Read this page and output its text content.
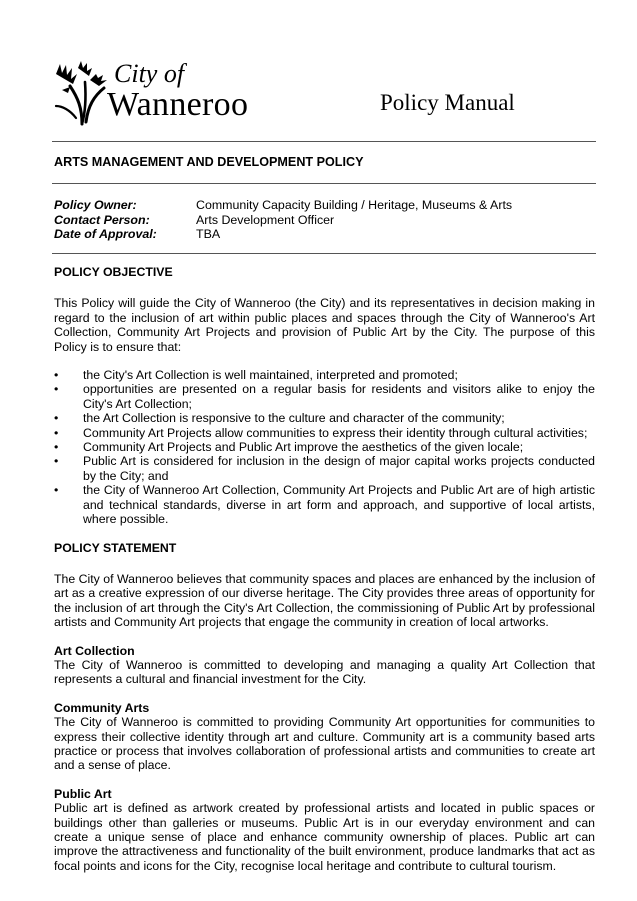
City of
Wanneroo	Policy Manual
ARTS MANAGEMENT AND DEVELOPMENT POLICY
Policy Owner:	Community Capacity Building / Heritage, Museums & Arts
Contact Person:	Arts Development Officer
Date of Approval:	TBA
POLICY OBJECTIVE

This Policy will guide the City of Wanneroo (the City) and its representatives in decision making in regard to the inclusion of art within public places and spaces through the City of Wanneroo's Art Collection, Community Art Projects and provision of Public Art by the City. The purpose of this Policy is to ensure that:

• the City's Art Collection is well maintained, interpreted and promoted;
• opportunities are presented on a regular basis for residents and visitors alike to enjoy the City's Art Collection;
• the Art Collection is responsive to the culture and character of the community;
• Community Art Projects allow communities to express their identity through cultural activities;
• Community Art Projects and Public Art improve the aesthetics of the given locale;
• Public Art is considered for inclusion in the design of major capital works projects conducted by the City; and
• the City of Wanneroo Art Collection, Community Art Projects and Public Art are of high artistic and technical standards, diverse in art form and approach, and supportive of local artists, where possible.
POLICY STATEMENT

The City of Wanneroo believes that community spaces and places are enhanced by the inclusion of art as a creative expression of our diverse heritage. The City provides three areas of opportunity for the inclusion of art through the City's Art Collection, the commissioning of Public Art by professional artists and Community Art projects that engage the community in creation of local artworks.

Art Collection

The City of Wanneroo is committed to developing and managing a quality Art Collection that represents a cultural and financial investment for the City.

Community Arts

The City of Wanneroo is committed to providing Community Art opportunities for communities to express their collective identity through art and culture. Community art is a community based arts practice or process that involves collaboration of professional artists and communities to create art and a sense of place.

Public Art

Public art is defined as artwork created by professional artists and located in public spaces or buildings other than galleries or museums. Public Art is in our everyday environment and can create a unique sense of place and enhance community ownership of places. Public art can improve the attractiveness and functionality of the built environment, produce landmarks that act as focal points and icons for the City, recognise local heritage and contribute to cultural tourism.
